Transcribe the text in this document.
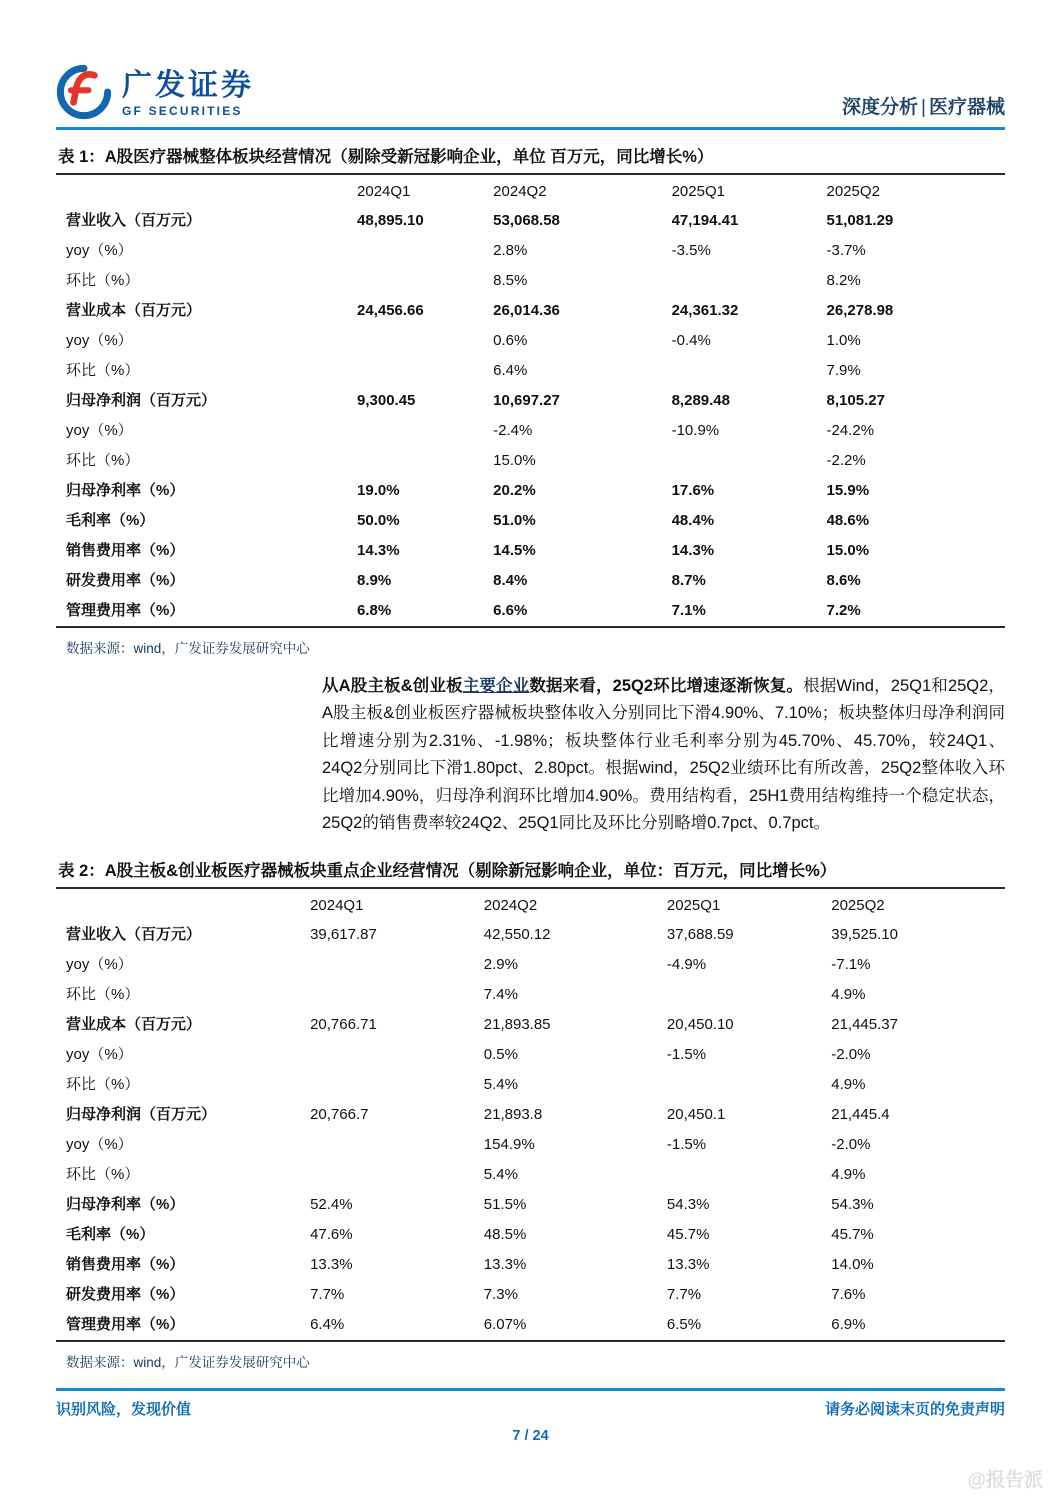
广发证券
GF SECURITIES	深度分析 | 医疗器械
表 1：A股医疗器械整体板块经营情况（剔除受新冠影响企业，单位 百万元，同比增长%）
	2024Q1	2024Q2	2025Q1	2025Q2
营业收入（百万元）	48,895.10	53,068.58	47,194.41	51,081.29
yoy（%）		2.8%	-3.5%	-3.7%
环比（%）		8.5%		8.2%
营业成本（百万元）	24,456.66	26,014.36	24,361.32	26,278.98
yoy（%）		0.6%	-0.4%	1.0%
环比（%）		6.4%		7.9%
归母净利润（百万元）	9,300.45	10,697.27	8,289.48	8,105.27
yoy（%）		-2.4%	-10.9%	-24.2%
环比（%）		15.0%		-2.2%
归母净利率（%）	19.0%	20.2%	17.6%	15.9%
毛利率（%）	50.0%	51.0%	48.4%	48.6%
销售费用率（%）	14.3%	14.5%	14.3%	15.0%
研发费用率（%）	8.9%	8.4%	8.7%	8.6%
管理费用率（%）	6.8%	6.6%	7.1%	7.2%
数据来源：wind，广发证券发展研究中心
从A股主板&创业板主要企业数据来看，25Q2环比增速逐渐恢复。根据Wind，25Q1和25Q2，A股主板&创业板医疗器械板块整体收入分别同比下滑4.90%、7.10%；板块整体归母净利润同比增速分别为2.31%、-1.98%；板块整体行业毛利率分别为45.70%、45.70%，较24Q1、24Q2分别同比下滑1.80pct、2.80pct。根据wind，25Q2业绩环比有所改善，25Q2整体收入环比增加4.90%，归母净利润环比增加4.90%。费用结构看，25H1费用结构维持一个稳定状态，25Q2的销售费率较24Q2、25Q1同比及环比分别略增0.7pct、0.7pct。
表 2：A股主板&创业板医疗器械板块重点企业经营情况（剔除新冠影响企业，单位：百万元，同比增长%）
	2024Q1	2024Q2	2025Q1	2025Q2
营业收入（百万元）	39,617.87	42,550.12	37,688.59	39,525.10
yoy（%）		2.9%	-4.9%	-7.1%
环比（%）		7.4%		4.9%
营业成本（百万元）	20,766.71	21,893.85	20,450.10	21,445.37
yoy（%）		0.5%	-1.5%	-2.0%
环比（%）		5.4%		4.9%
归母净利润（百万元）	20,766.7	21,893.8	20,450.1	21,445.4
yoy（%）		154.9%	-1.5%	-2.0%
环比（%）		5.4%		4.9%
归母净利率（%）	52.4%	51.5%	54.3%	54.3%
毛利率（%）	47.6%	48.5%	45.7%	45.7%
销售费用率（%）	13.3%	13.3%	13.3%	14.0%
研发费用率（%）	7.7%	7.3%	7.7%	7.6%
管理费用率（%）	6.4%	6.07%	6.5%	6.9%
数据来源：wind，广发证券发展研究中心
识别风险，发现价值	请务必阅读末页的免责声明
7 / 24
@报告派
